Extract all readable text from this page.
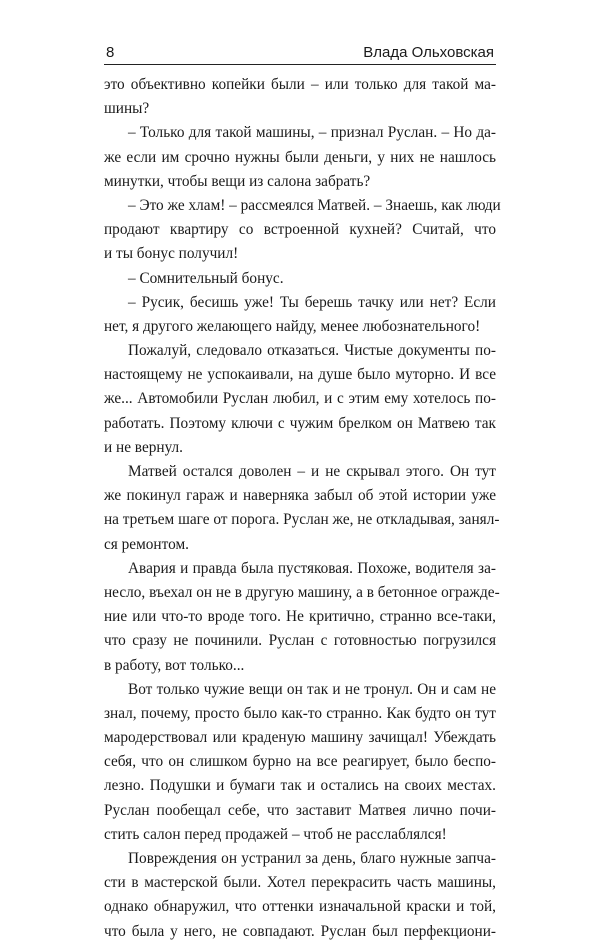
8	Влада Ольховская
это объективно копейки были – или только для такой ма-
шины?
– Только для такой машины, – признал Руслан. – Но да-
же если им срочно нужны были деньги, у них не нашлось
минутки, чтобы вещи из салона забрать?
– Это же хлам! – рассмеялся Матвей. – Знаешь, как люди
продают квартиру со встроенной кухней? Считай, что
и ты бонус получил!
– Сомнительный бонус.
– Русик, бесишь уже! Ты берешь тачку или нет? Если
нет, я другого желающего найду, менее любознательного!
Пожалуй, следовало отказаться. Чистые документы по-
настоящему не успокаивали, на душе было муторно. И все
же... Автомобили Руслан любил, и с этим ему хотелось по-
работать. Поэтому ключи с чужим брелком он Матвею так
и не вернул.
Матвей остался доволен – и не скрывал этого. Он тут
же покинул гараж и наверняка забыл об этой истории уже
на третьем шаге от порога. Руслан же, не откладывая, занял-
ся ремонтом.
Авария и правда была пустяковая. Похоже, водителя за-
несло, въехал он не в другую машину, а в бетонное огражде-
ние или что-то вроде того. Не критично, странно все-таки,
что сразу не починили. Руслан с готовностью погрузился
в работу, вот только...
Вот только чужие вещи он так и не тронул. Он и сам не
знал, почему, просто было как-то странно. Как будто он тут
мародерствовал или краденую машину зачищал! Убеждать
себя, что он слишком бурно на все реагирует, было беспо-
лезно. Подушки и бумаги так и остались на своих местах.
Руслан пообещал себе, что заставит Матвея лично почи-
стить салон перед продажей – чтоб не расслаблялся!
Повреждения он устранил за день, благо нужные запча-
сти в мастерской были. Хотел перекрасить часть машины,
однако обнаружил, что оттенки изначальной краски и той,
что была у него, не совпадают. Руслан был перфекциони-
